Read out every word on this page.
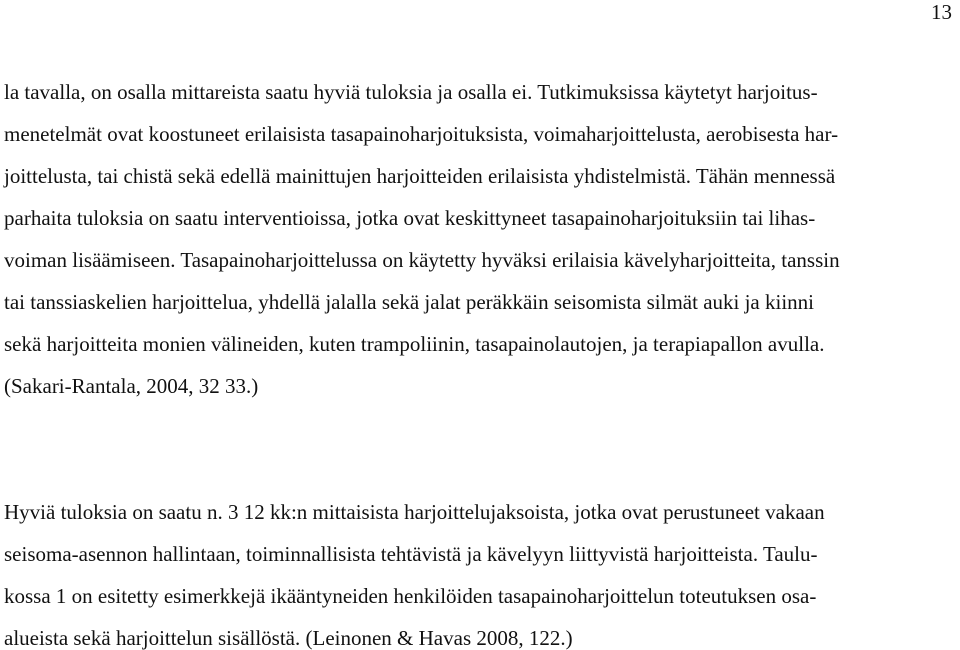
13
la tavalla, on osalla mittareista saatu hyviä tuloksia ja osalla ei. Tutkimuksissa käytetyt harjoitus-
menetelmät ovat koostuneet erilaisista tasapainoharjoituksista, voimaharjoittelusta, aerobisesta har-
joittelusta, tai chistä sekä edellä mainittujen harjoitteiden erilaisista yhdistelmistä. Tähän mennessä
parhaita tuloksia on saatu interventioissa, jotka ovat keskittyneet tasapainoharjoituksiin tai lihas-
voiman lisäämiseen. Tasapainoharjoittelussa on käytetty hyväksi erilaisia kävelyharjoitteita, tanssin
tai tanssiaskelien harjoittelua, yhdellä jalalla sekä jalat peräkkäin seisomista silmät auki ja kiinni
sekä harjoitteita monien välineiden, kuten trampoliinin, tasapainolautojen, ja terapiapallon avulla.
(Sakari-Rantala, 2004, 32 33.)
Hyviä tuloksia on saatu n. 3 12 kk:n mittaisista harjoittelujaksoista, jotka ovat perustuneet vakaan
seisoma-asennon hallintaan, toiminnallisista tehtävistä ja kävelyyn liittyvistä harjoitteista. Taulu-
kossa 1 on esitetty esimerkkejä ikääntyneiden henkilöiden tasapainoharjoittelun toteutuksen osa-
alueista sekä harjoittelun sisällöstä. (Leinonen & Havas 2008, 122.)
